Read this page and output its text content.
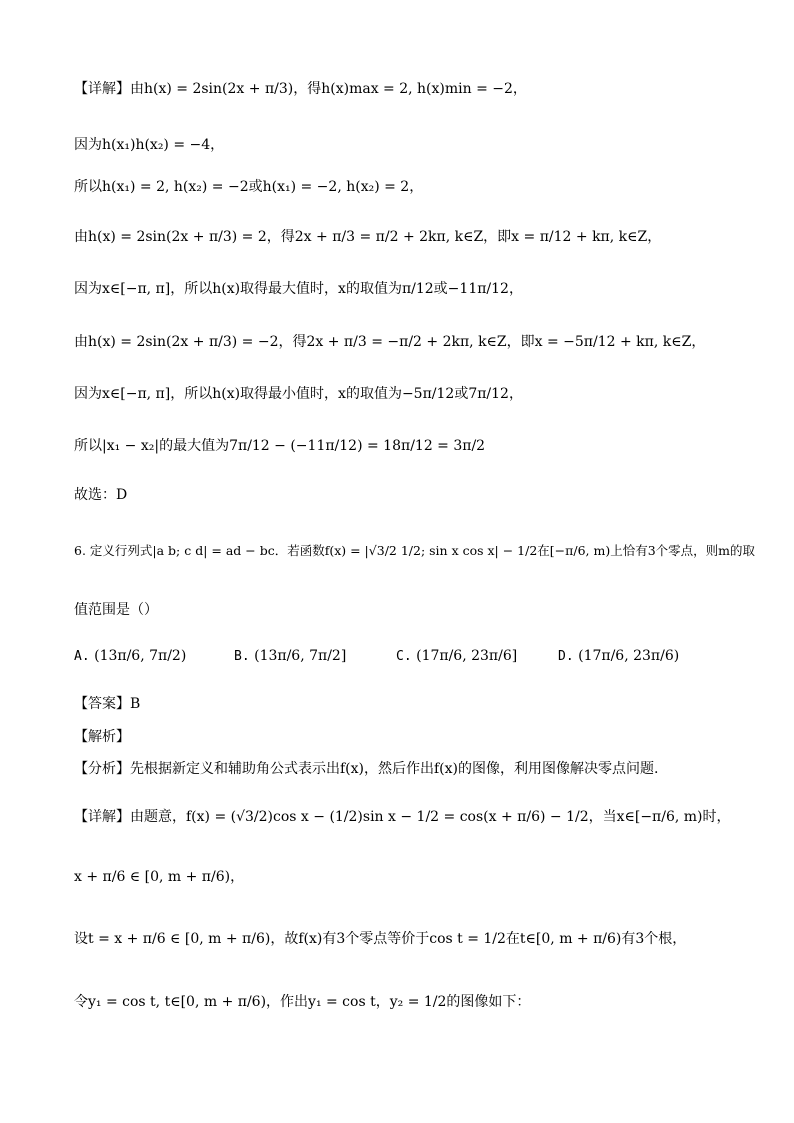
【详解】由h(x) = 2sin(2x + π/3)，得h(x)max = 2, h(x)min = −2，
因为h(x₁)h(x₂) = −4，
所以h(x₁) = 2, h(x₂) = −2或h(x₁) = −2, h(x₂) = 2，
由h(x) = 2sin(2x + π/3) = 2，得2x + π/3 = π/2 + 2kπ, k∈Z，即x = π/12 + kπ, k∈Z，
因为x∈[−π, π]，所以h(x)取得最大值时，x的取值为π/12或−11π/12，
由h(x) = 2sin(2x + π/3) = −2，得2x + π/3 = −π/2 + 2kπ, k∈Z，即x = −5π/12 + kπ, k∈Z，
因为x∈[−π, π]，所以h(x)取得最小值时，x的取值为−5π/12或7π/12，
所以|x₁ − x₂|的最大值为7π/12 − (−11π/12) = 18π/12 = 3π/2
故选：D
6. 定义行列式|a b; c d| = ad − bc．若函数f(x) = |√3/2 1/2; sin x cos x| − 1/2在[−π/6, m)上恰有3个零点，则m的取
值范围是（）
A. (13π/6, 7π/2)	B. (13π/6, 7π/2]	C. (17π/6, 23π/6]	D. (17π/6, 23π/6)
【答案】B
【解析】
【分析】先根据新定义和辅助角公式表示出f(x)，然后作出f(x)的图像，利用图像解决零点问题.
【详解】由题意，f(x) = (√3/2)cos x − (1/2)sin x − 1/2 = cos(x + π/6) − 1/2，当x∈[−π/6, m)时，
x + π/6 ∈ [0, m + π/6)，
设t = x + π/6 ∈ [0, m + π/6)，故f(x)有3个零点等价于cos t = 1/2在t∈[0, m + π/6)有3个根，
令y₁ = cos t, t∈[0, m + π/6)，作出y₁ = cos t，y₂ = 1/2的图像如下：
